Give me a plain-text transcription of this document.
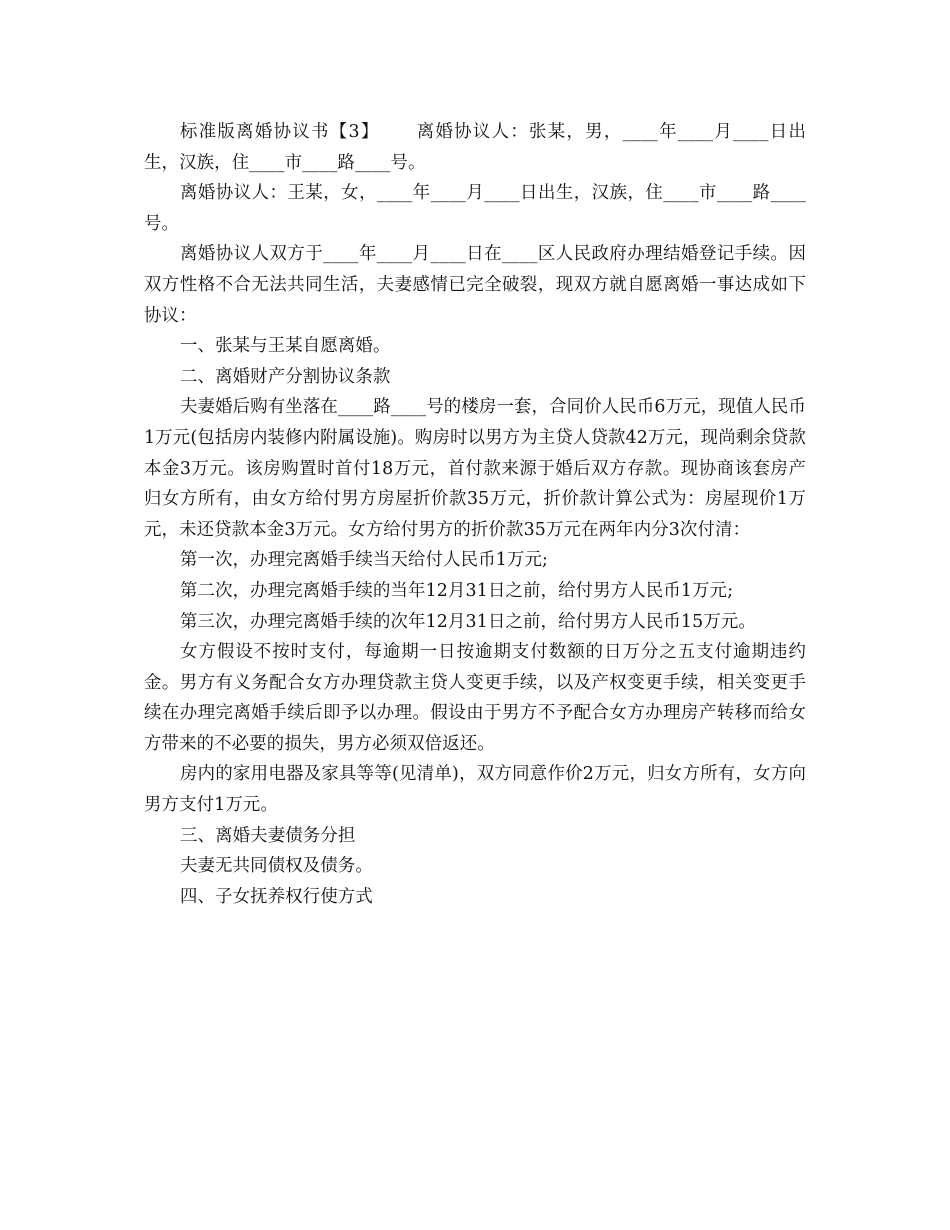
标准版离婚协议书【3】 离婚协议人：张某，男，____年____月____日出生，汉族，住____市____路____号。

离婚协议人：王某，女，____年____月____日出生，汉族，住____市____路____号。

离婚协议人双方于____年____月____日在____区人民政府办理结婚登记手续。因双方性格不合无法共同生活，夫妻感情已完全破裂，现双方就自愿离婚一事达成如下协议：

一、张某与王某自愿离婚。

二、离婚财产分割协议条款

夫妻婚后购有坐落在____路____号的楼房一套，合同价人民币6万元，现值人民币1万元(包括房内装修内附属设施)。购房时以男方为主贷人贷款42万元，现尚剩余贷款本金3万元。该房购置时首付18万元，首付款来源于婚后双方存款。现协商该套房产归女方所有，由女方给付男方房屋折价款35万元，折价款计算公式为：房屋现价1万元，未还贷款本金3万元。女方给付男方的折价款35万元在两年内分3次付清：

第一次，办理完离婚手续当天给付人民币1万元;

第二次，办理完离婚手续的当年12月31日之前，给付男方人民币1万元;

第三次，办理完离婚手续的次年12月31日之前，给付男方人民币15万元。

女方假设不按时支付，每逾期一日按逾期支付数额的日万分之五支付逾期违约金。男方有义务配合女方办理贷款主贷人变更手续，以及产权变更手续，相关变更手续在办理完离婚手续后即予以办理。假设由于男方不予配合女方办理房产转移而给女方带来的不必要的损失，男方必须双倍返还。

房内的家用电器及家具等等(见清单)，双方同意作价2万元，归女方所有，女方向男方支付1万元。

三、离婚夫妻债务分担

夫妻无共同债权及债务。

四、子女抚养权行使方式
